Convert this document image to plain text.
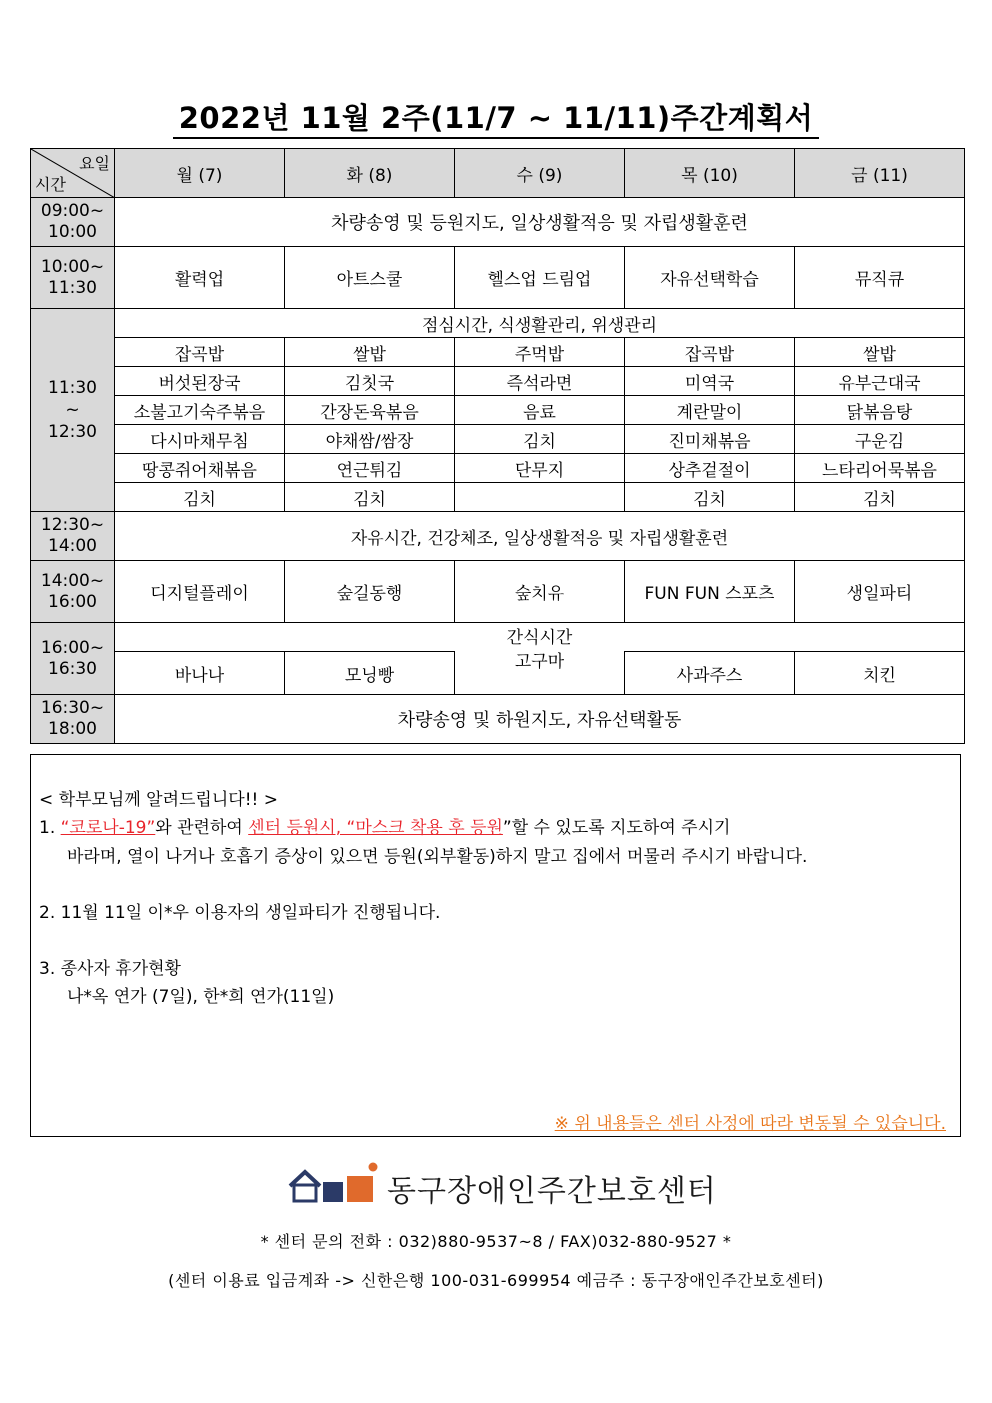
2022년 11월 2주(11/7 ~ 11/11)주간계획서
요일
시간	월 (7)	화 (8)	수 (9)	목 (10)	금 (11)
09:00~
10:00	차량송영 및 등원지도, 일상생활적응 및 자립생활훈련				
10:00~
11:30	활력업	아트스쿨	헬스업 드림업	자유선택학습	뮤직큐
11:30
~
12:30	점심시간, 식생활관리, 위생관리				
	잡곡밥	쌀밥	주먹밥	잡곡밥	쌀밥
	버섯된장국	김칫국	즉석라면	미역국	유부근대국
	소불고기숙주볶음	간장돈육볶음	음료	계란말이	닭볶음탕
	다시마채무침	야채쌈/쌈장	김치	진미채볶음	구운김
	땅콩쥐어채볶음	연근튀김	단무지	상추겉절이	느타리어묵볶음
	김치	김치		김치	김치
12:30~
14:00	자유시간, 건강체조, 일상생활적응 및 자립생활훈련				
14:00~
16:00	디지털플레이	숲길동행	숲치유	FUN FUN 스포츠	생일파티
16:00~
16:30			간식시간
고구마		
	바나나	모닝빵		사과주스	치킨
16:30~
18:00	차량송영 및 하원지도, 자유선택활동				
< 학부모님께 알려드립니다!! >
1. “코로나-19”와 관련하여 센터 등원시, “마스크 착용 후 등원”할 수 있도록 지도하여 주시기
바라며, 열이 나거나 호흡기 증상이 있으면 등원(외부활동)하지 말고 집에서 머물러 주시기 바랍니다.
2. 11월 11일 이*우 이용자의 생일파티가 진행됩니다.
3. 종사자 휴가현황
나*옥 연가 (7일), 한*희 연가(11일)
※ 위 내용들은 센터 사정에 따라 변동될 수 있습니다.
동구장애인주간보호센터
* 센터 문의 전화 : 032)880-9537~8 / FAX)032-880-9527 *
(센터 이용료 입금계좌 -> 신한은행 100-031-699954 예금주 : 동구장애인주간보호센터)
